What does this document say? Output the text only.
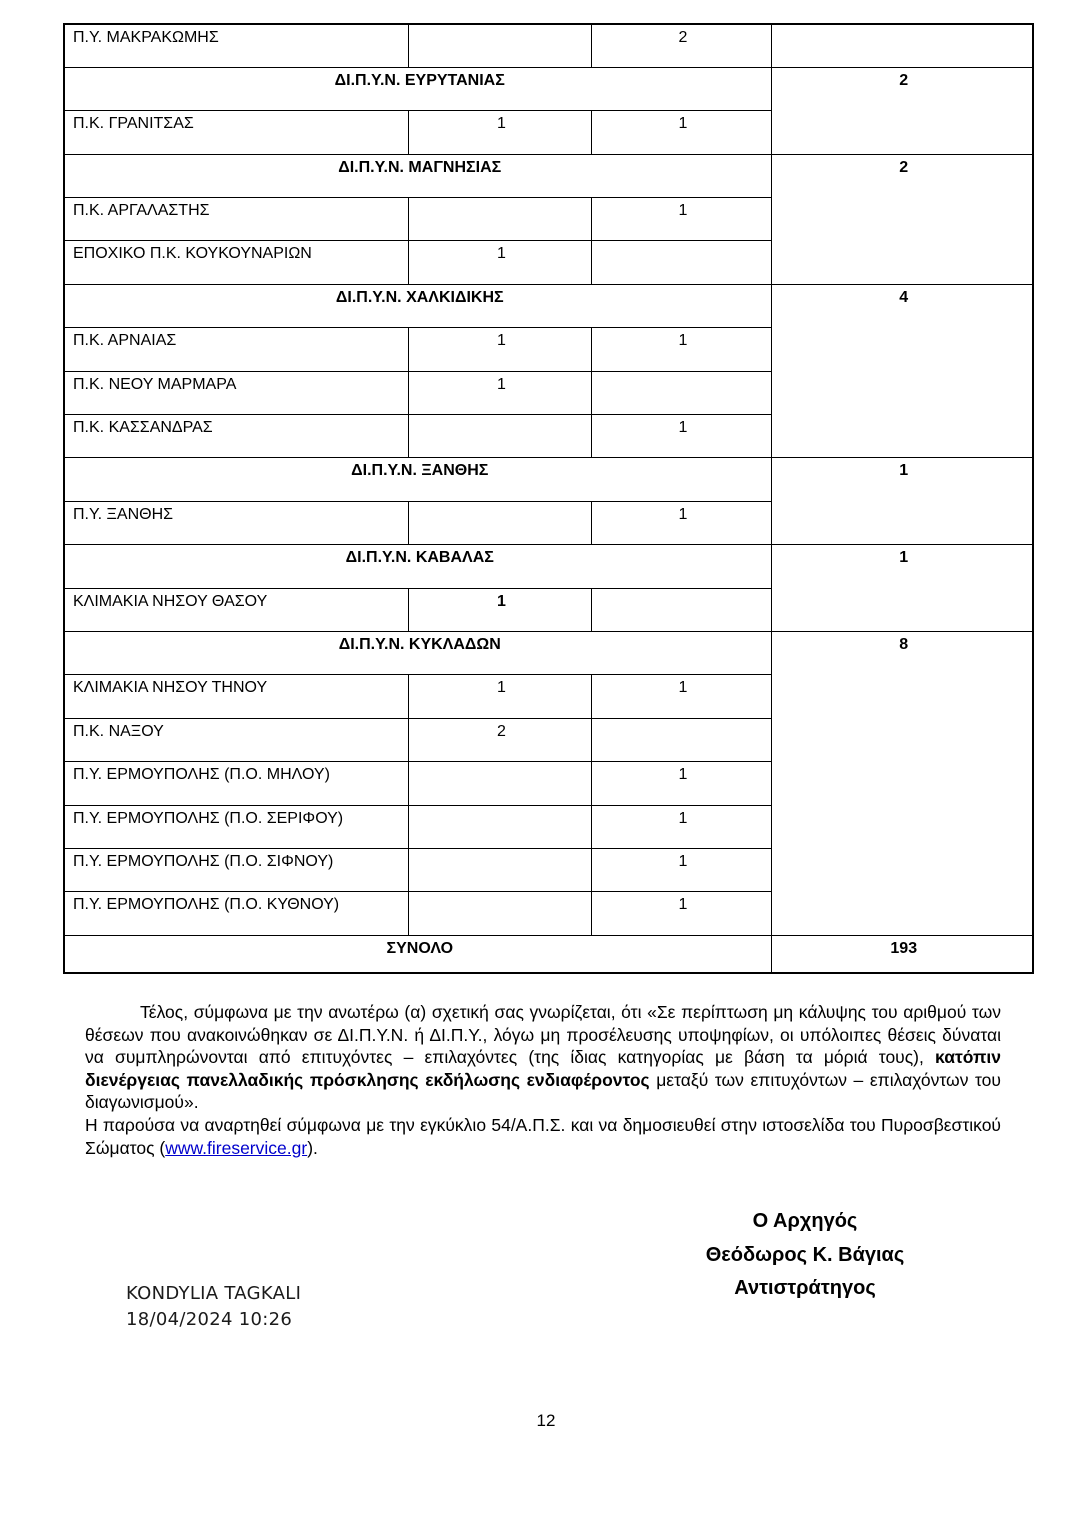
Π.Υ. ΜΑΚΡΑΚΩΜΗΣ		2	
ΔΙ.Π.Υ.Ν. ΕΥΡΥΤΑΝΙΑΣ			2
Π.Κ. ΓΡΑΝΙΤΣΑΣ	1	1	
ΔΙ.Π.Υ.Ν. ΜΑΓΝΗΣΙΑΣ			2
Π.Κ. ΑΡΓΑΛΑΣΤΗΣ		1	
ΕΠΟΧΙΚΟ Π.Κ. ΚΟΥΚΟΥΝΑΡΙΩΝ	1		
ΔΙ.Π.Υ.Ν. ΧΑΛΚΙΔΙΚΗΣ			4
Π.Κ. ΑΡΝΑΙΑΣ	1	1	
Π.Κ. ΝΕΟΥ ΜΑΡΜΑΡΑ	1		
Π.Κ. ΚΑΣΣΑΝΔΡΑΣ		1	
ΔΙ.Π.Υ.Ν. ΞΑΝΘΗΣ			1
Π.Υ. ΞΑΝΘΗΣ		1	
ΔΙ.Π.Υ.Ν. ΚΑΒΑΛΑΣ			1
ΚΛΙΜΑΚΙΑ ΝΗΣΟΥ ΘΑΣΟΥ	1		
ΔΙ.Π.Υ.Ν. ΚΥΚΛΑΔΩΝ			8
ΚΛΙΜΑΚΙΑ ΝΗΣΟΥ ΤΗΝΟΥ	1	1	
Π.Κ. ΝΑΞΟΥ	2		
Π.Υ. ΕΡΜΟΥΠΟΛΗΣ (Π.Ο. ΜΗΛΟΥ)		1	
Π.Υ. ΕΡΜΟΥΠΟΛΗΣ (Π.Ο. ΣΕΡΙΦΟΥ)		1	
Π.Υ. ΕΡΜΟΥΠΟΛΗΣ (Π.Ο. ΣΙΦΝΟΥ)		1	
Π.Υ. ΕΡΜΟΥΠΟΛΗΣ (Π.Ο. ΚΥΘΝΟΥ)		1	
ΣΥΝΟΛΟ			193

Τέλος, σύμφωνα με την ανωτέρω (α) σχετική σας γνωρίζεται, ότι «Σε περίπτωση μη κάλυψης του αριθμού των θέσεων που ανακοινώθηκαν σε ΔΙ.Π.Υ.Ν. ή ΔΙ.Π.Υ., λόγω μη προσέλευσης υποψηφίων, οι υπόλοιπες θέσεις δύναται να συμπληρώνονται από επιτυχόντες – επιλαχόντες (της ίδιας κατηγορίας με βάση τα μόριά τους), κατόπιν διενέργειας πανελλαδικής πρόσκλησης εκδήλωσης ενδιαφέροντος μεταξύ των επιτυχόντων – επιλαχόντων του διαγωνισμού».

Η παρούσα να αναρτηθεί σύμφωνα με την εγκύκλιο 54/Α.Π.Σ. και να δημοσιευθεί στην ιστοσελίδα του Πυροσβεστικού Σώματος (www.fireservice.gr).

Ο Αρχηγός
Θεόδωρος Κ. Βάγιας
Αντιστράτηγος
KONDYLIA TAGKALI
18/04/2024 10:26
12
